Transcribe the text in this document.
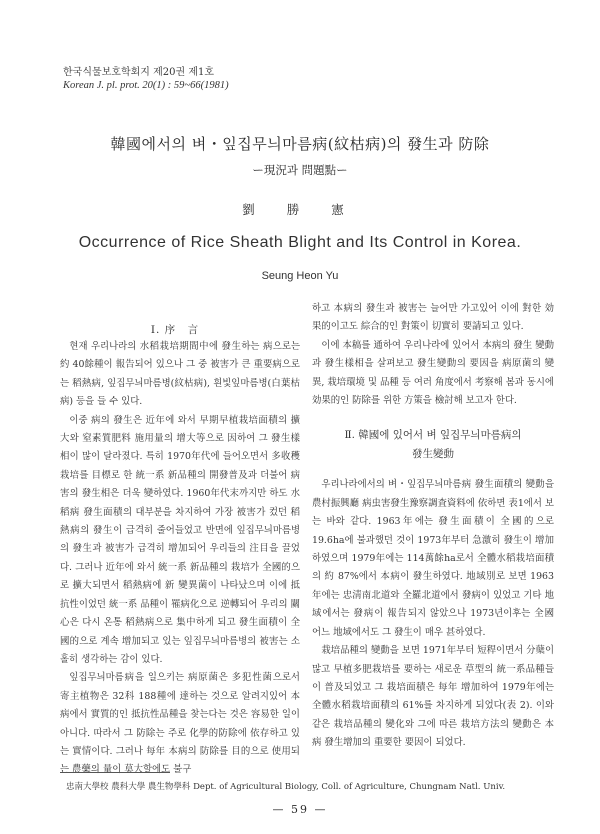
한국식물보호학회지 제20권 제1호
Korean J. pl. prot. 20(1) : 59~66(1981)
韓國에서의 벼・잎집무늬마름病(紋枯病)의 發生과 防除
ー現況과 問題點ー
劉 勝 憲
Occurrence of Rice Sheath Blight and Its Control in Korea.
Seung Heon Yu
Ⅰ. 序　言

현재 우리나라의 水稻栽培期間中에 發生하는 病으로는 約 40餘種이 報告되어 있으나 그 중 被害가 큰 重要病으로는 稻熱病, 잎집무늬마름병(紋枯病), 흰빛잎마름병(白葉枯病) 등을 들 수 있다.

이중 病의 發生은 近年에 와서 早期早植栽培面積의 擴大와 窒素質肥料 施用量의 增大等으로 因하여 그 發生樣相이 많이 달라졌다. 특히 1970年代에 들어오면서 多收穫栽培를 目標로 한 統一系 新品種의 開發普及과 더불어 病害의 發生相은 더욱 變하였다. 1960年代末까지만 하도 水稻病 發生面積의 대부분을 차지하여 가장 被害가 컸던 稻熱病의 發生이 급격히 줄어들었고 반면에 잎집무늬마름병의 發生과 被害가 급격히 增加되어 우리들의 注目을 끌었다. 그러나 近年에 와서 統一系 新品種의 栽培가 全國的으로 擴大되면서 稻熱病에 新 變異菌이 나타났으며 이에 抵抗性이었던 統一系 品種이 罹病化으로 逆轉되어 우리의 關心은 다시 온통 稻熱病으로 集中하게 되고 發生面積이 全國的으로 계속 增加되고 있는 잎집무늬마름병의 被害는 소홀히 생각하는 감이 있다.

잎집무늬마름病을 일으키는 病原菌은 多犯性菌으로서 寄主植物은 32科 188種에 達하는 것으로 알려지있어 本病에서 實質的인 抵抗性品種을 찾는다는 것은 容易한 일이 아니다. 따라서 그 防除는 주로 化學的防除에 依存하고 있는 實情이다. 그러나 每年 本病의 防除를 目的으로 使用되는 農藥의 量이 莫大할에도 불구

하고 本病의 發生과 被害는 늘어만 가고있어 이에 對한 効果的이고도 綜合的인 對策이 切實히 要請되고 있다.

이에 本稿를 通하여 우리나라에 있어서 本病의 發生 變動과 發生樣相을 살펴보고 發生變動의 要因을 病原菌의 變異, 栽培環境 및 品種 등 여러 角度에서 考察해 봄과 동시에 効果的인 防除를 위한 方策을 檢討해 보고자 한다.

Ⅱ. 韓國에 있어서 벼 잎집무늬마름病의
發生變動

우리나라에서의 벼・잎집무늬마름病 發生面積의 變動을 農村振興廳 病虫害發生豫察調査資料에 依하면 表1에서 보는 바와 같다. 1963年에는 發生面積이 全國的으로 19.6ha에 불과했던 것이 1973年부터 急激히 發生이 增加하였으며 1979年에는 114萬餘ha로서 全體水稻栽培面積의 約 87%에서 本病이 發生하였다. 地域別로 보면 1963年에는 忠淸南北道와 全羅北道에서 發病이 있었고 기타 地域에서는 發病이 報告되지 않았으나 1973년이후는 全國 어느 地域에서도 그 發生이 매우 甚하였다.

栽培品種의 變動을 보면 1971年부터 短稈이면서 分蘖이 많고 早植多肥栽培를 要하는 새로운 草型의 統一系品種들이 普及되었고 그 栽培面積은 每年 增加하여 1979年에는 全體水稻栽培面積의 61%를 차지하게 되었다(表 2). 이와 같은 栽培品種의 變化와 그에 따른 栽培方法의 變動은 本病 發生增加의 重要한 要因이 되었다.

忠南大學校 農科大學 農生物學科 Dept. of Agricultural Biology, Coll. of Agriculture, Chungnam Natl. Univ.
— 59 —
